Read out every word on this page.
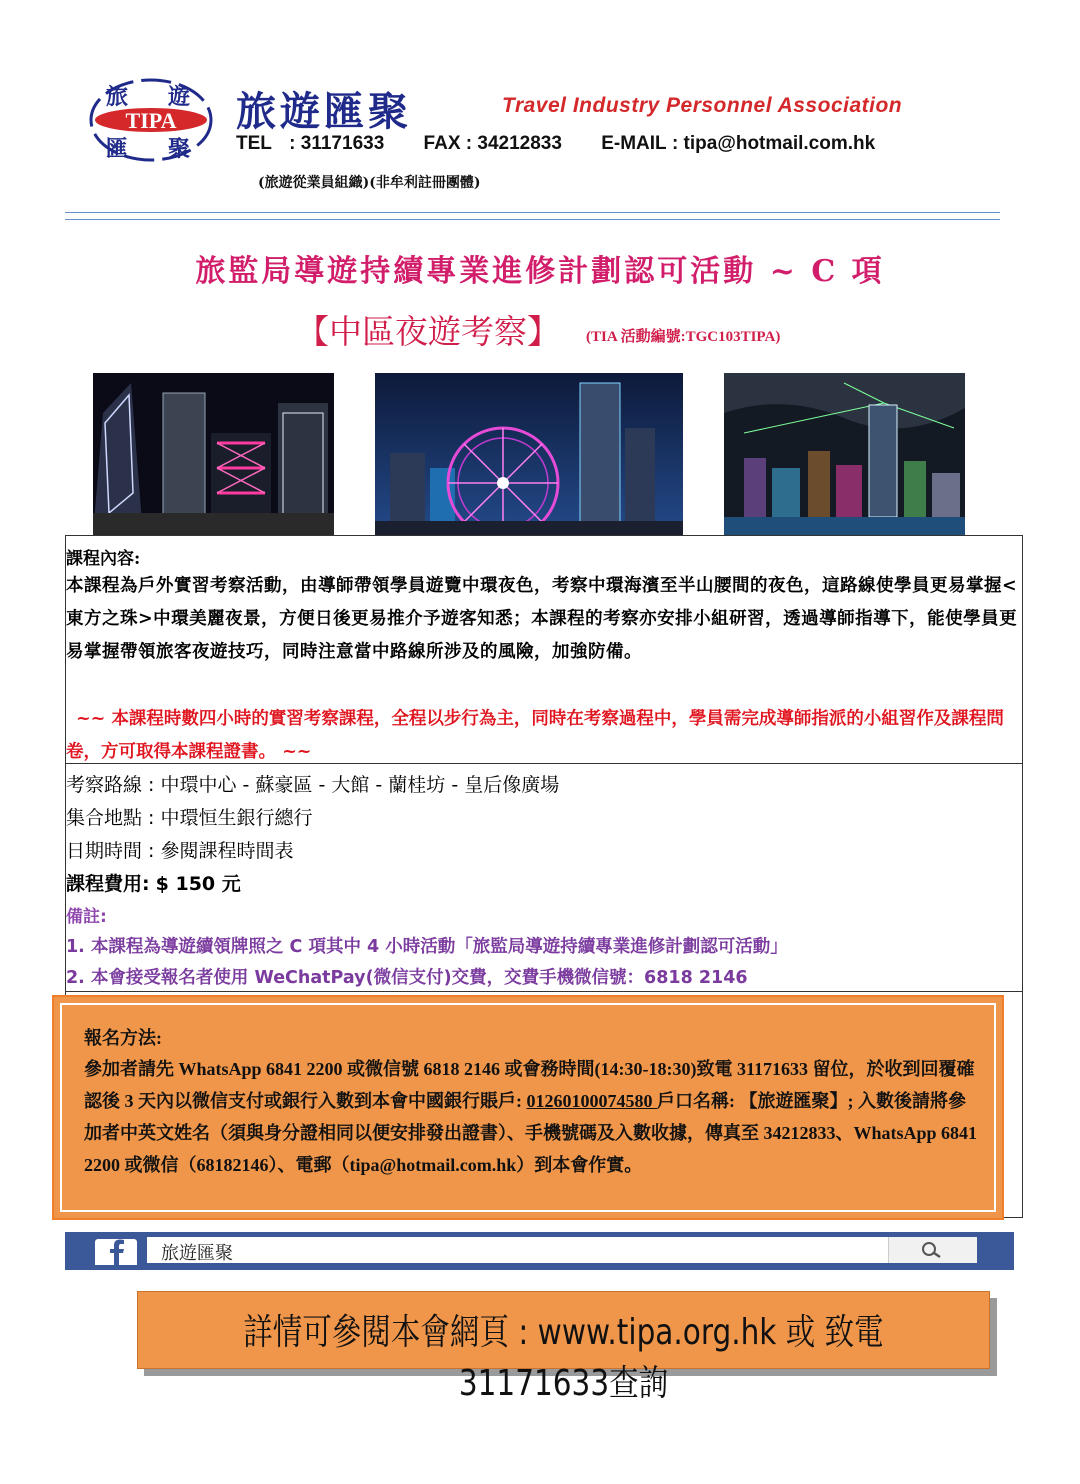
旅 遊
匯 聚
TIPA 旅遊匯聚	Travel Industry Personnel Association
TEL : 31171633 FAX : 34212833 E-MAIL : tipa@hotmail.com.hk
(旅遊從業員組織)(非牟利註冊團體)
旅監局導遊持續專業進修計劃認可活動 ~ C 項
【中區夜遊考察】 (TIA 活動編號:TGC103TIPA)
課程內容:
本課程為戶外實習考察活動，由導師帶領學員遊覽中環夜色，考察中環海濱至半山腰間的夜色，這路線使學員更易掌握<東方之珠>中環美麗夜景，方便日後更易推介予遊客知悉；本課程的考察亦安排小組研習，透過導師指導下，能使學員更易掌握帶領旅客夜遊技巧，同時注意當中路線所涉及的風險，加強防備。
~~ 本課程時數四小時的實習考察課程，全程以步行為主，同時在考察過程中，學員需完成導師指派的小組習作及課程問卷，方可取得本課程證書。 ~~
考察路線 : 中環中心 - 蘇豪區 - 大館 - 蘭桂坊 - 皇后像廣場
集合地點 : 中環恒生銀行總行
日期時間 : 參閱課程時間表
課程費用: $ 150 元
備註:
1. 本課程為導遊續領牌照之 C 項其中 4 小時活動「旅監局導遊持續專業進修計劃認可活動」
2. 本會接受報名者使用 WeChatPay(微信支付)交費，交費手機微信號：6818 2146
報名方法:
參加者請先 WhatsApp 6841 2200 或微信號 6818 2146 或會務時間(14:30-18:30)致電 31171633 留位，於收到回覆確認後 3 天內以微信支付或銀行入數到本會中國銀行賬戶: 01260100074580 戶口名稱: 【旅遊匯聚】; 入數後請將參加者中英文姓名（須與身分證相同以便安排發出證書）、手機號碼及入數收據，傳真至 34212833、WhatsApp 6841 2200 或微信（68182146）、電郵（tipa@hotmail.com.hk）到本會作實。
旅遊匯聚
詳情可參閱本會網頁 : www.tipa.org.hk 或 致電31171633查詢
